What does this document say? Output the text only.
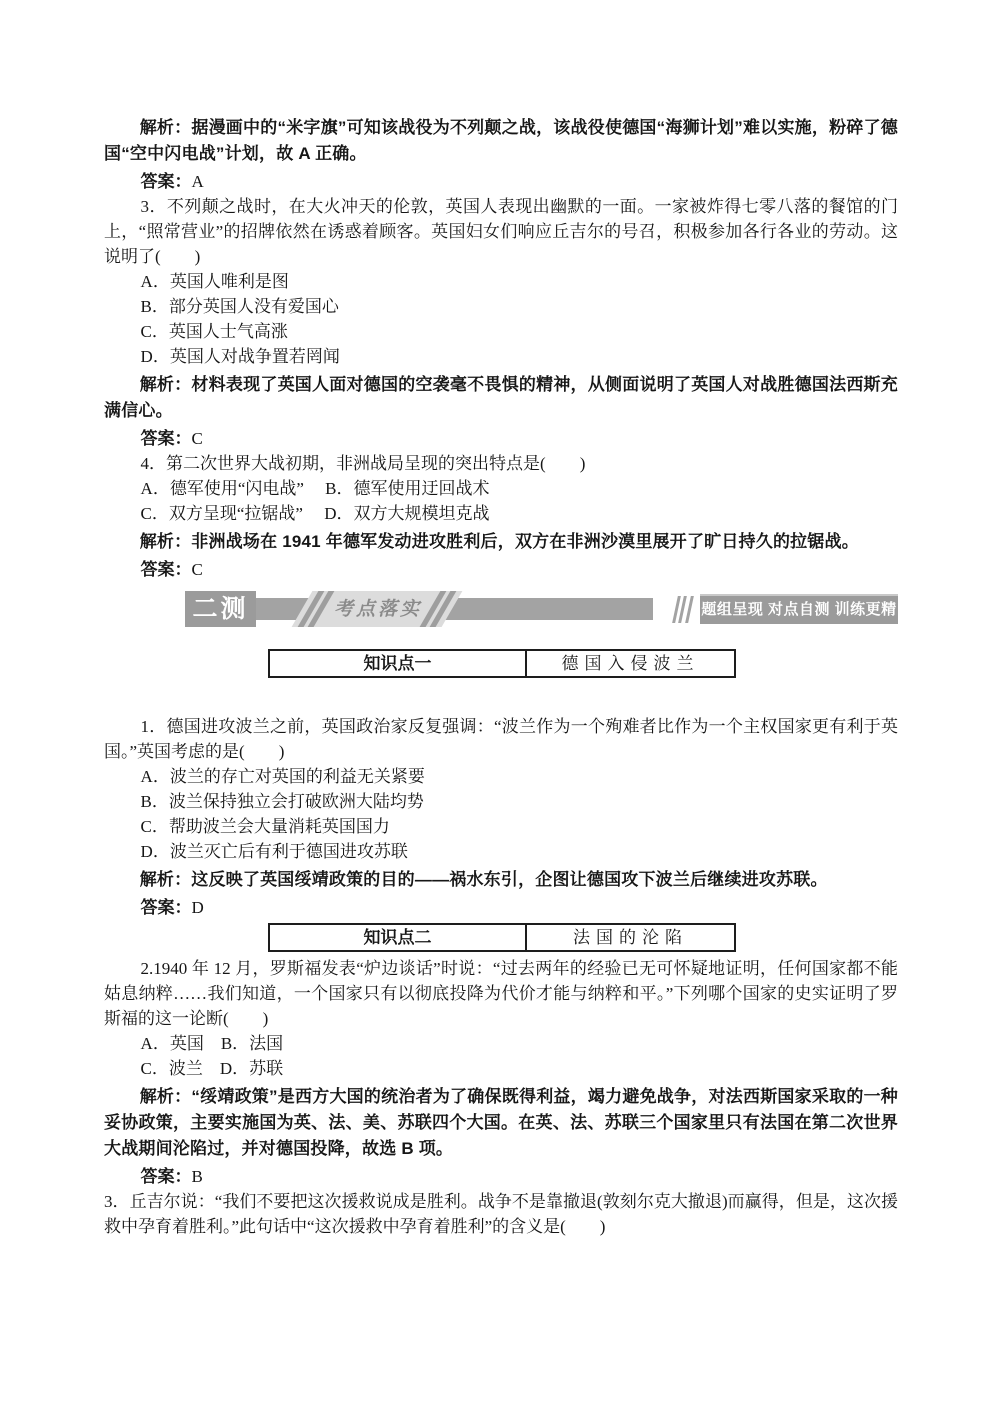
解析：据漫画中的“米字旗”可知该战役为不列颠之战，该战役使德国“海狮计划”难以实施，粉碎了德国“空中闪电战”计划，故 A 正确。

答案：A

3．不列颠之战时，在大火冲天的伦敦，英国人表现出幽默的一面。一家被炸得七零八落的餐馆的门上，“照常营业”的招牌依然在诱惑着顾客。英国妇女们响应丘吉尔的号召，积极参加各行各业的劳动。这说明了(　　)

A．英国人唯利是图

B．部分英国人没有爱国心

C．英国人士气高涨

D．英国人对战争置若罔闻

解析：材料表现了英国人面对德国的空袭毫不畏惧的精神，从侧面说明了英国人对战胜德国法西斯充满信心。

答案：C

4．第二次世界大战初期，非洲战局呈现的突出特点是(　　)

A．德军使用“闪电战”　 B．德军使用迂回战术

C．双方呈现“拉锯战”　 D．双方大规模坦克战

解析：非洲战场在 1941 年德军发动进攻胜利后，双方在非洲沙漠里展开了旷日持久的拉锯战。

答案：C

二测	考点落实	题组呈现 对点自测 训练更精准
知识点一	德国入侵波兰

1．德国进攻波兰之前，英国政治家反复强调：“波兰作为一个殉难者比作为一个主权国家更有利于英国。”英国考虑的是(　　)

A．波兰的存亡对英国的利益无关紧要

B．波兰保持独立会打破欧洲大陆均势

C．帮助波兰会大量消耗英国国力

D．波兰灭亡后有利于德国进攻苏联

解析：这反映了英国绥靖政策的目的——祸水东引，企图让德国攻下波兰后继续进攻苏联。

答案：D

知识点二	法国的沦陷

2.1940 年 12 月，罗斯福发表“炉边谈话”时说：“过去两年的经验已无可怀疑地证明，任何国家都不能姑息纳粹……我们知道，一个国家只有以彻底投降为代价才能与纳粹和平。”下列哪个国家的史实证明了罗斯福的这一论断(　　)

A．英国　B．法国

C．波兰　D．苏联

解析：“绥靖政策”是西方大国的统治者为了确保既得利益，竭力避免战争，对法西斯国家采取的一种妥协政策，主要实施国为英、法、美、苏联四个大国。在英、法、苏联三个国家里只有法国在第二次世界大战期间沦陷过，并对德国投降，故选 B 项。

答案：B

3．丘吉尔说：“我们不要把这次援救说成是胜利。战争不是靠撤退(敦刻尔克大撤退)而赢得，但是，这次援救中孕育着胜利。”此句话中“这次援救中孕育着胜利”的含义是(　　)
